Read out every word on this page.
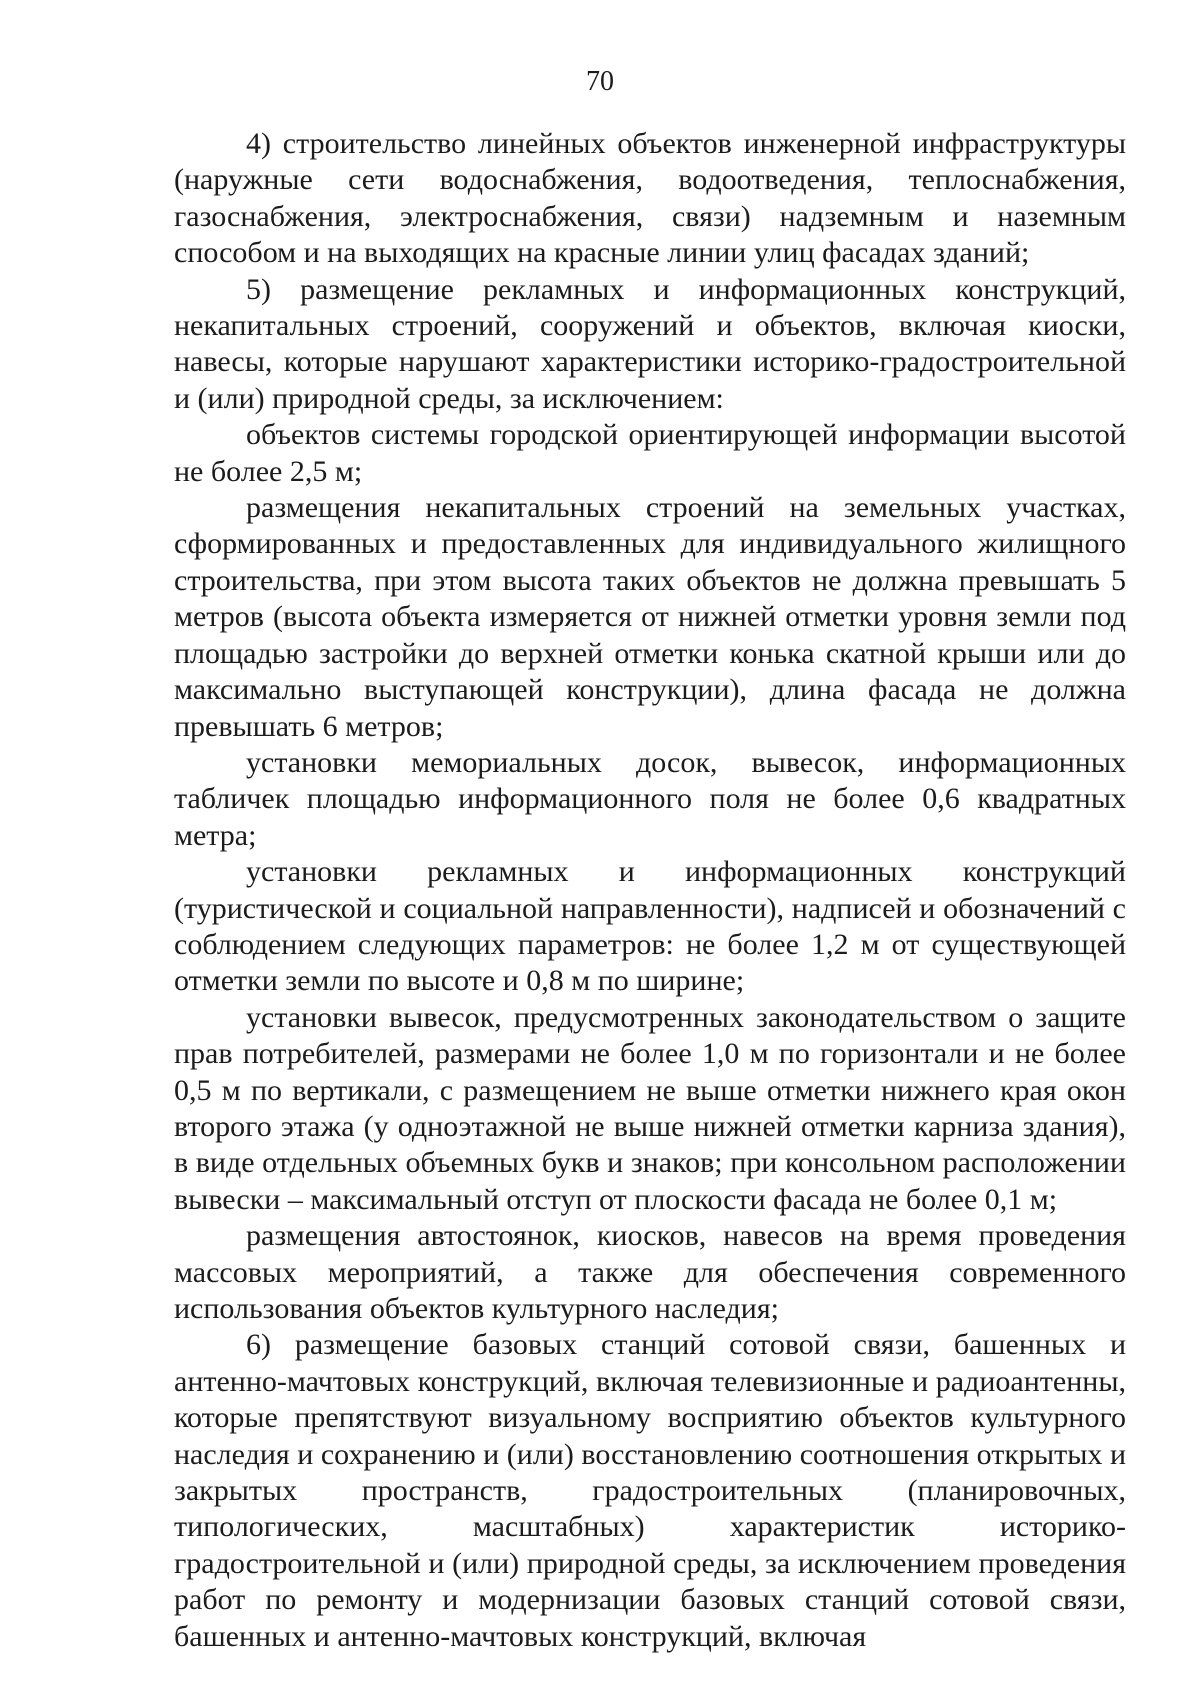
70

4) строительство линейных объектов инженерной инфраструктуры (наружные сети водоснабжения, водоотведения, теплоснабжения, газоснабжения, электроснабжения, связи) надземным и наземным способом и на выходящих на красные линии улиц фасадах зданий;

5) размещение рекламных и информационных конструкций, некапитальных строений, сооружений и объектов, включая киоски, навесы, которые нарушают характеристики историко-градостроительной и (или) природной среды, за исключением:

объектов системы городской ориентирующей информации высотой не более 2,5 м;

размещения некапитальных строений на земельных участках, сформированных и предоставленных для индивидуального жилищного строительства, при этом высота таких объектов не должна превышать 5 метров (высота объекта измеряется от нижней отметки уровня земли под площадью застройки до верхней отметки конька скатной крыши или до максимально выступающей конструкции), длина фасада не должна превышать 6 метров;

установки мемориальных досок, вывесок, информационных табличек площадью информационного поля не более 0,6 квадратных метра;

установки рекламных и информационных конструкций (туристической и социальной направленности), надписей и обозначений с соблюдением следующих параметров: не более 1,2 м от существующей отметки земли по высоте и 0,8 м по ширине;

установки вывесок, предусмотренных законодательством о защите прав потребителей, размерами не более 1,0 м по горизонтали и не более 0,5 м по вертикали, с размещением не выше отметки нижнего края окон второго этажа (у одноэтажной не выше нижней отметки карниза здания), в виде отдельных объемных букв и знаков; при консольном расположении вывески – максимальный отступ от плоскости фасада не более 0,1 м;

размещения автостоянок, киосков, навесов на время проведения массовых мероприятий, а также для обеспечения современного использования объектов культурного наследия;

6) размещение базовых станций сотовой связи, башенных и антенно-мачтовых конструкций, включая телевизионные и радиоантенны, которые препятствуют визуальному восприятию объектов культурного наследия и сохранению и (или) восстановлению соотношения открытых и закрытых пространств, градостроительных (планировочных, типологических, масштабных) характеристик историко-градостроительной и (или) природной среды, за исключением проведения работ по ремонту и модернизации базовых станций сотовой связи, башенных и антенно-мачтовых конструкций, включая
